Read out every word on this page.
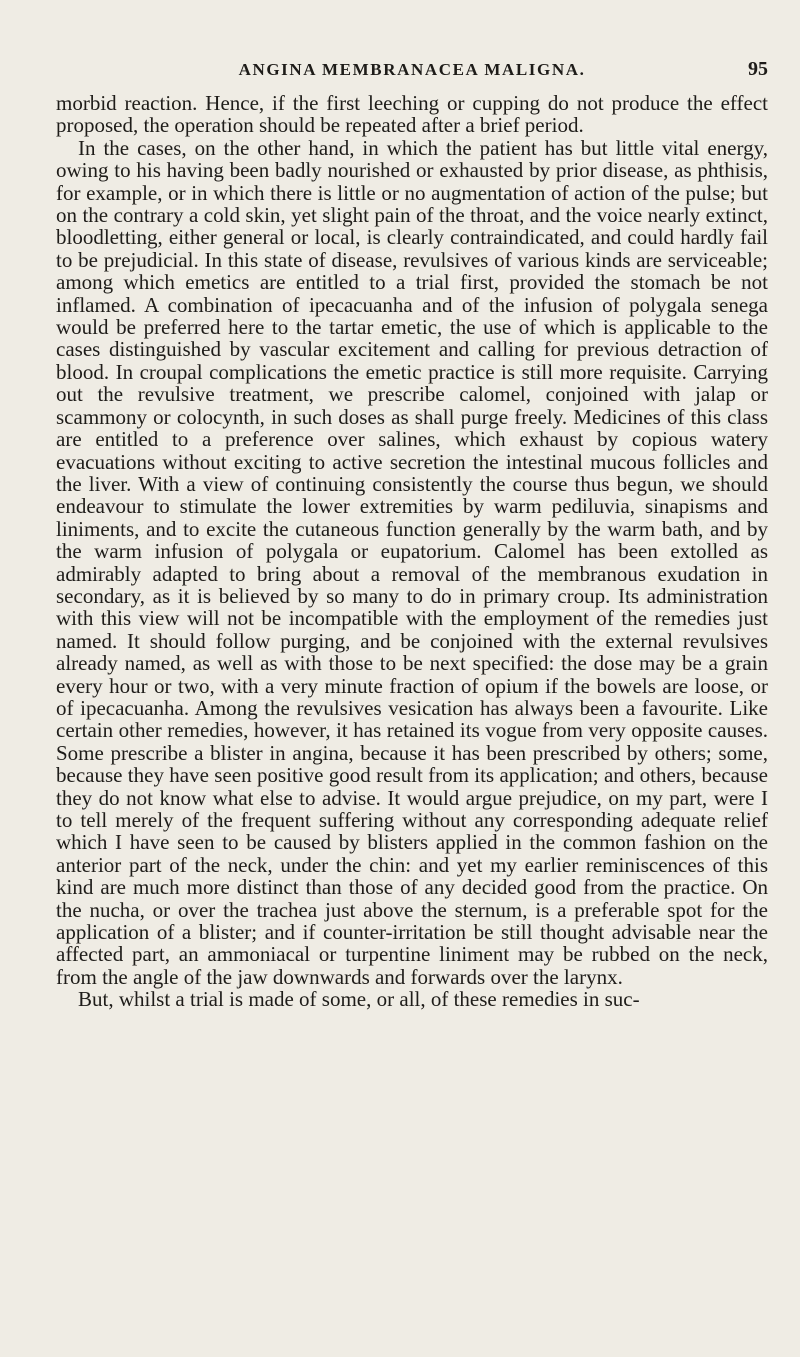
ANGINA MEMBRANACEA MALIGNA.	95

morbid reaction. Hence, if the first leeching or cupping do not produce the effect proposed, the operation should be repeated after a brief period.

In the cases, on the other hand, in which the patient has but little vital energy, owing to his having been badly nourished or exhausted by prior disease, as phthisis, for example, or in which there is little or no augmentation of action of the pulse; but on the contrary a cold skin, yet slight pain of the throat, and the voice nearly extinct, bloodletting, either general or local, is clearly contraindicated, and could hardly fail to be prejudicial. In this state of disease, revulsives of various kinds are serviceable; among which emetics are entitled to a trial first, provided the stomach be not inflamed. A combination of ipecacuanha and of the infusion of polygala senega would be preferred here to the tartar emetic, the use of which is applicable to the cases distinguished by vascular excitement and calling for previous detraction of blood. In croupal complications the emetic practice is still more requisite. Carrying out the revulsive treatment, we prescribe calomel, conjoined with jalap or scammony or colocynth, in such doses as shall purge freely. Medicines of this class are entitled to a preference over salines, which exhaust by copious watery evacuations without exciting to active secretion the intestinal mucous follicles and the liver. With a view of continuing consistently the course thus begun, we should endeavour to stimulate the lower extremities by warm pediluvia, sinapisms and liniments, and to excite the cutaneous function generally by the warm bath, and by the warm infusion of polygala or eupatorium. Calomel has been extolled as admirably adapted to bring about a removal of the membranous exudation in secondary, as it is believed by so many to do in primary croup. Its administration with this view will not be incompatible with the employment of the remedies just named. It should follow purging, and be conjoined with the external revulsives already named, as well as with those to be next specified: the dose may be a grain every hour or two, with a very minute fraction of opium if the bowels are loose, or of ipecacuanha. Among the revulsives vesication has always been a favourite. Like certain other remedies, however, it has retained its vogue from very opposite causes. Some prescribe a blister in angina, because it has been prescribed by others; some, because they have seen positive good result from its application; and others, because they do not know what else to advise. It would argue prejudice, on my part, were I to tell merely of the frequent suffering without any corresponding adequate relief which I have seen to be caused by blisters applied in the common fashion on the anterior part of the neck, under the chin: and yet my earlier reminiscences of this kind are much more distinct than those of any decided good from the practice. On the nucha, or over the trachea just above the sternum, is a preferable spot for the application of a blister; and if counter-irritation be still thought advisable near the affected part, an ammoniacal or turpentine liniment may be rubbed on the neck, from the angle of the jaw downwards and forwards over the larynx.

But, whilst a trial is made of some, or all, of these remedies in suc-
